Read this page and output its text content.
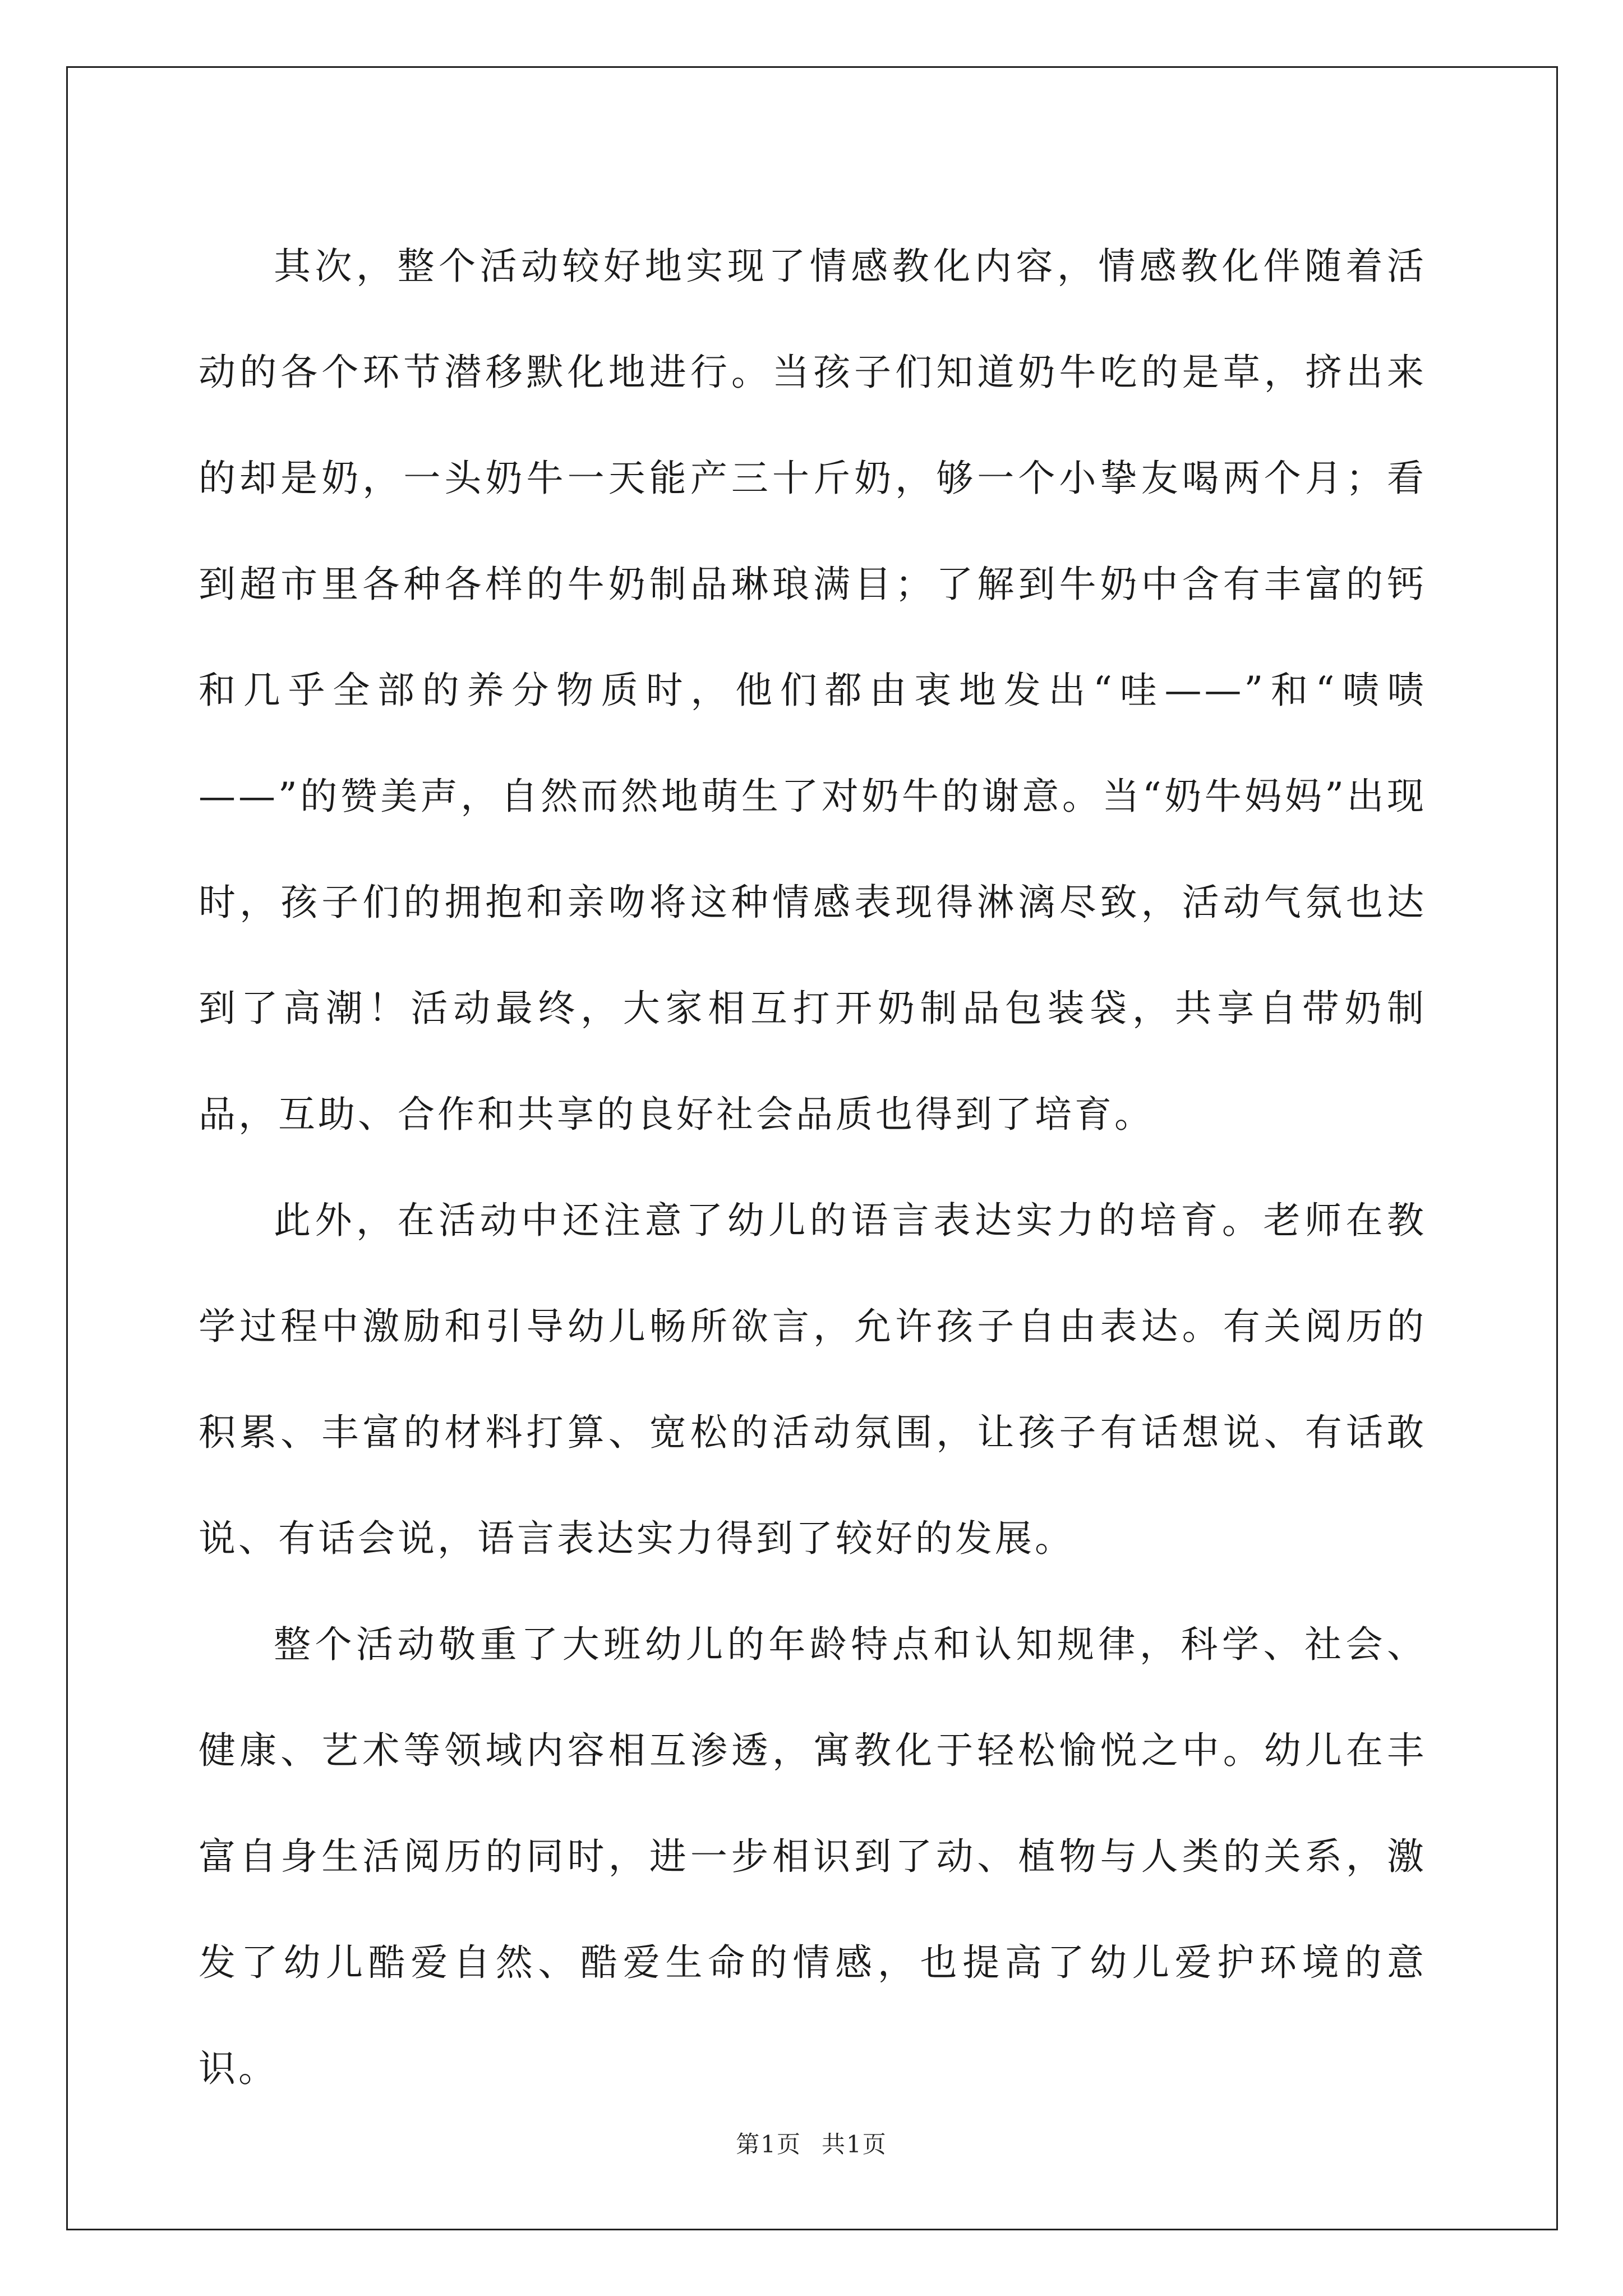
其次，整个活动较好地实现了情感教化内容，情感教化伴随着活动的各个环节潜移默化地进行。当孩子们知道奶牛吃的是草，挤出来的却是奶，一头奶牛一天能产三十斤奶，够一个小挚友喝两个月；看到超市里各种各样的牛奶制品琳琅满目；了解到牛奶中含有丰富的钙和几乎全部的养分物质时，他们都由衷地发出“哇——”和“啧啧——”的赞美声，自然而然地萌生了对奶牛的谢意。当“奶牛妈妈”出现时，孩子们的拥抱和亲吻将这种情感表现得淋漓尽致，活动气氛也达到了高潮！活动最终，大家相互打开奶制品包装袋，共享自带奶制品，互助、合作和共享的良好社会品质也得到了培育。

此外，在活动中还注意了幼儿的语言表达实力的培育。老师在教学过程中激励和引导幼儿畅所欲言，允许孩子自由表达。有关阅历的积累、丰富的材料打算、宽松的活动氛围，让孩子有话想说、有话敢说、有话会说，语言表达实力得到了较好的发展。

整个活动敬重了大班幼儿的年龄特点和认知规律，科学、社会、健康、艺术等领域内容相互渗透，寓教化于轻松愉悦之中。幼儿在丰富自身生活阅历的同时，进一步相识到了动、植物与人类的关系，激发了幼儿酷爱自然、酷爱生命的情感，也提高了幼儿爱护环境的意识。

第1页 共1页
